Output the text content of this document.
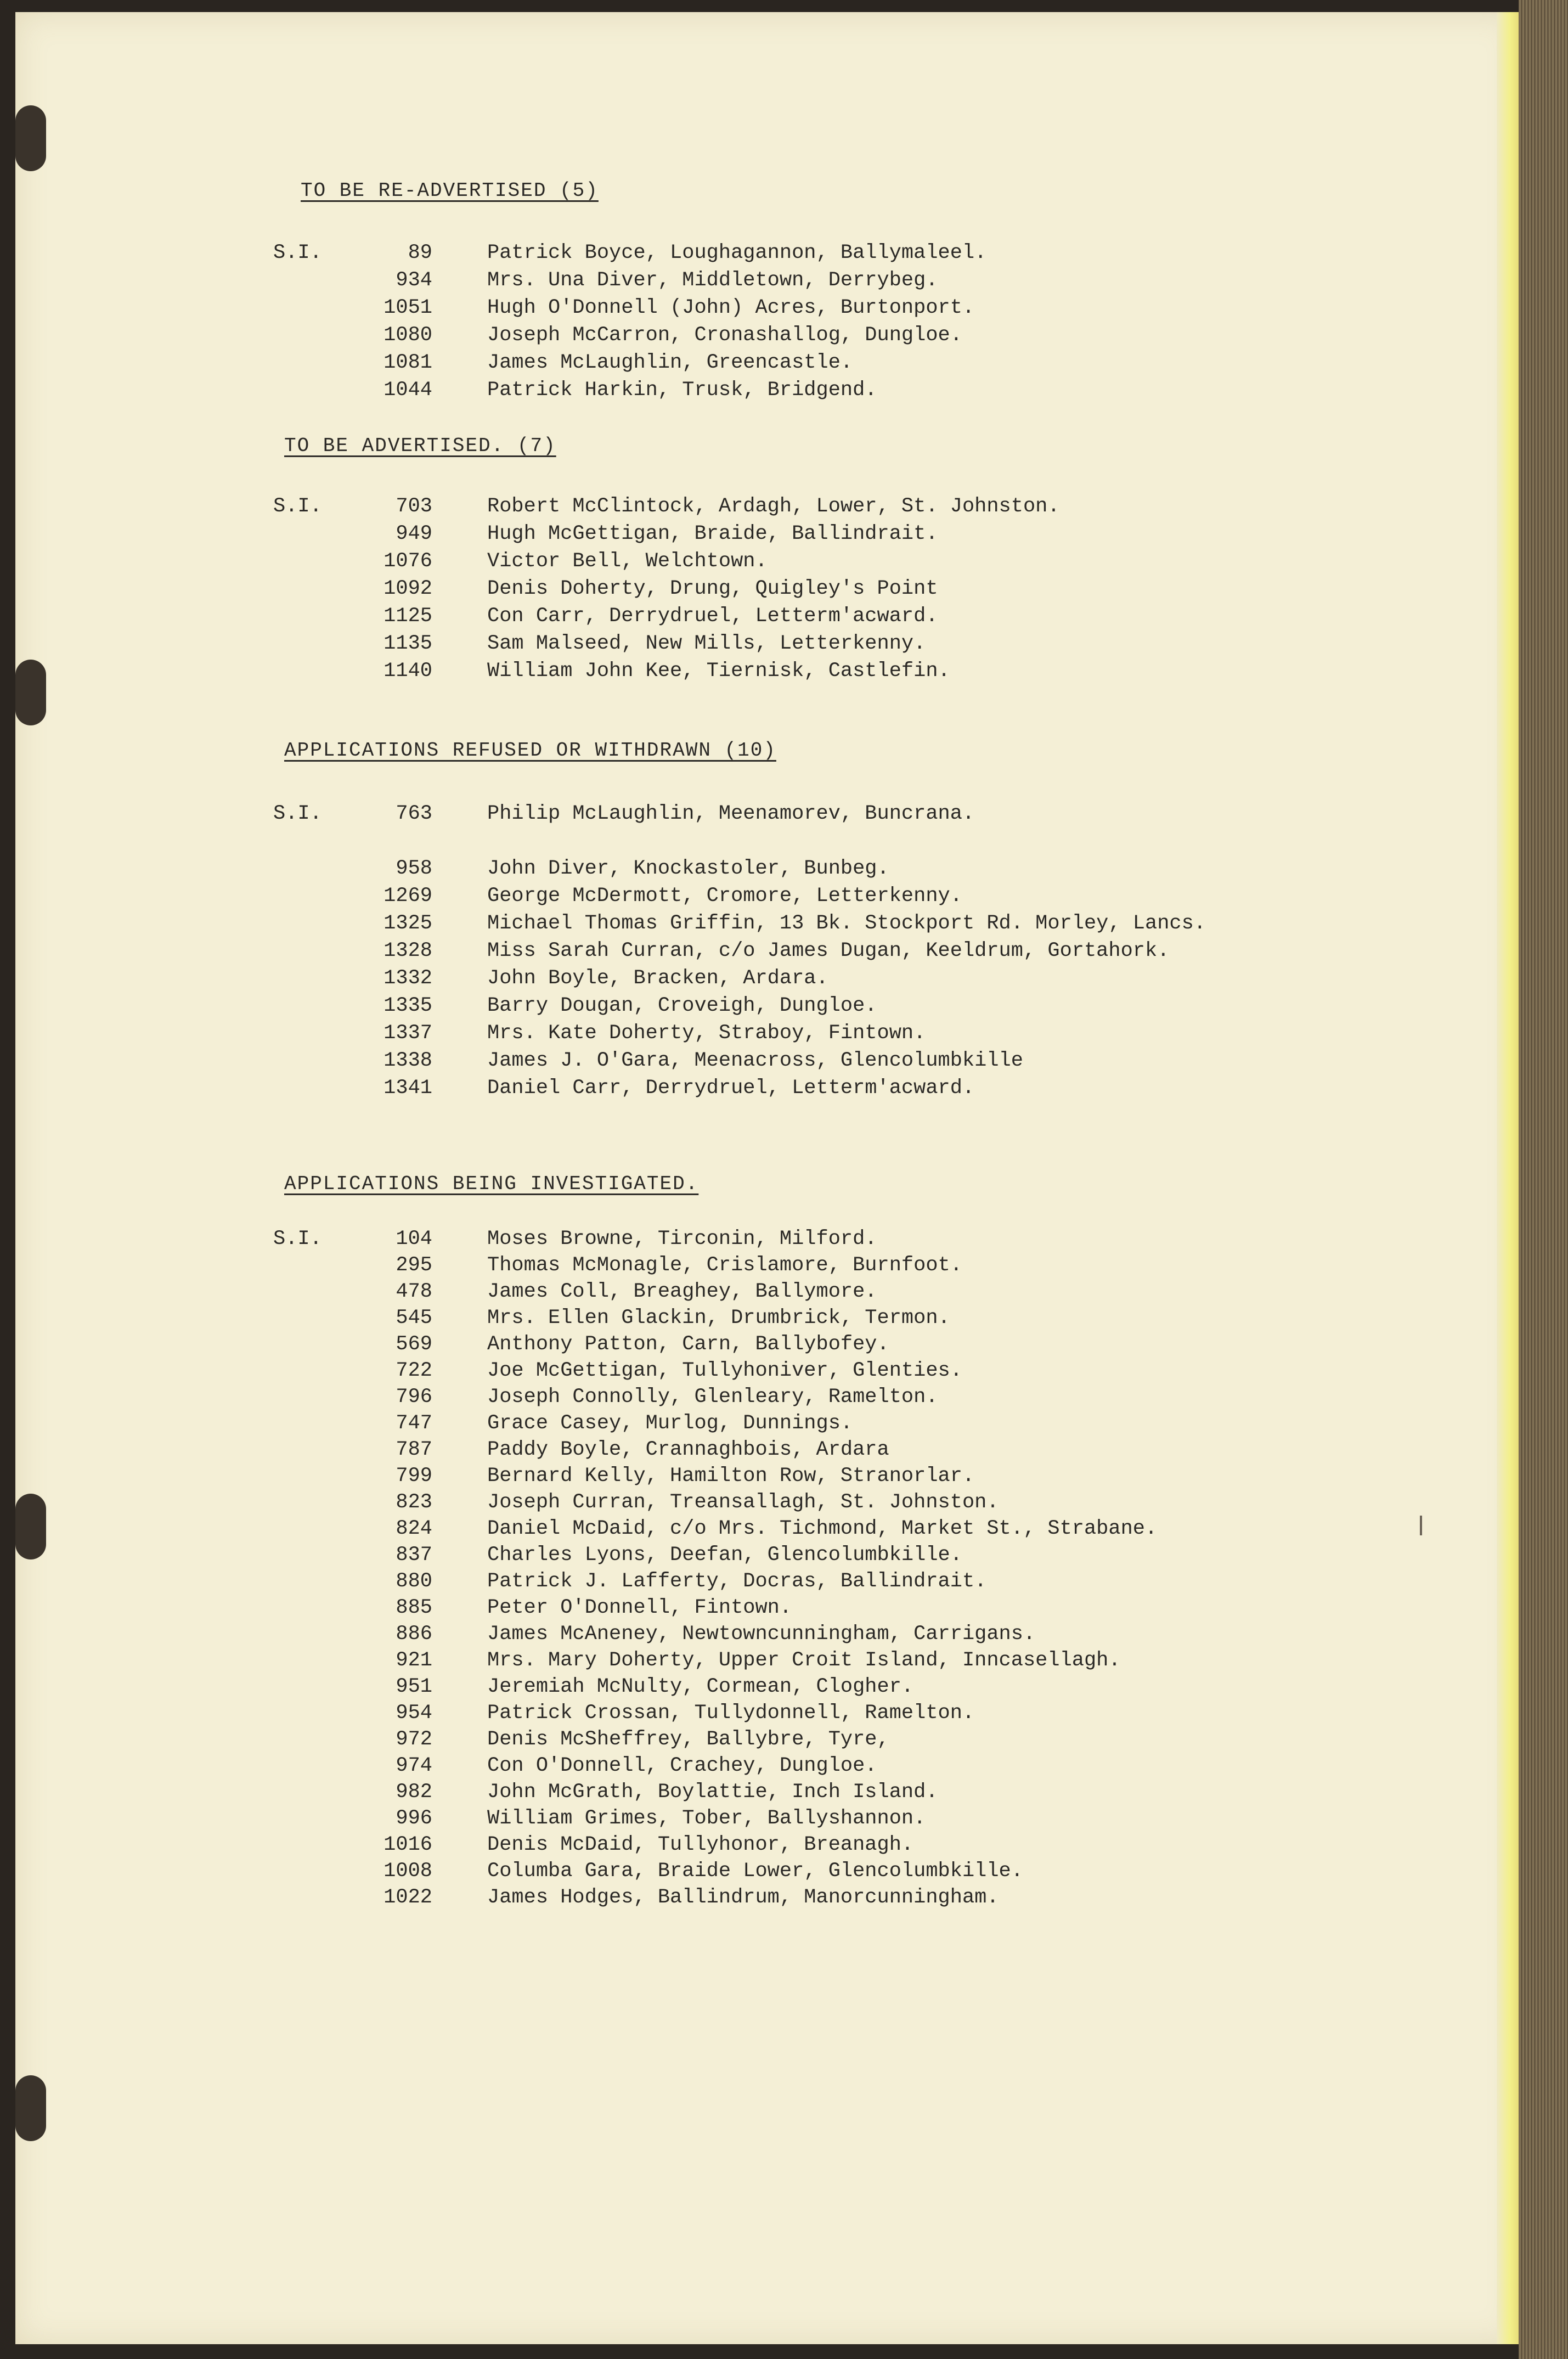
TO BE RE-ADVERTISED (5)
S.I.	89	Patrick Boyce, Loughagannon, Ballymaleel.
934	Mrs. Una Diver, Middletown, Derrybeg.
1051	Hugh O'Donnell (John) Acres, Burtonport.
1080	Joseph McCarron, Cronashallog, Dungloe.
1081	James McLaughlin, Greencastle.
1044	Patrick Harkin, Trusk, Bridgend.
TO BE ADVERTISED. (7)
S.I.	703	Robert McClintock, Ardagh, Lower, St. Johnston.
949	Hugh McGettigan, Braide, Ballindrait.
1076	Victor Bell, Welchtown.
1092	Denis Doherty, Drung, Quigley's Point
1125	Con Carr, Derrydruel, Letterm'acward.
1135	Sam Malseed, New Mills, Letterkenny.
1140	William John Kee, Tiernisk, Castlefin.
APPLICATIONS REFUSED OR WITHDRAWN (10)
S.I.	763	Philip McLaughlin, Meenamorev, Buncrana.
958	John Diver, Knockastoler, Bunbeg.
1269	George McDermott, Cromore, Letterkenny.
1325	Michael Thomas Griffin, 13 Bk. Stockport Rd. Morley, Lancs.
1328	Miss Sarah Curran, c/o James Dugan, Keeldrum, Gortahork.
1332	John Boyle, Bracken, Ardara.
1335	Barry Dougan, Croveigh, Dungloe.
1337	Mrs. Kate Doherty, Straboy, Fintown.
1338	James J. O'Gara, Meenacross, Glencolumbkille
1341	Daniel Carr, Derrydruel, Letterm'acward.
APPLICATIONS BEING INVESTIGATED.
S.I.	104	Moses Browne, Tirconin, Milford.
295	Thomas McMonagle, Crislamore, Burnfoot.
478	James Coll, Breaghey, Ballymore.
545	Mrs. Ellen Glackin, Drumbrick, Termon.
569	Anthony Patton, Carn, Ballybofey.
722	Joe McGettigan, Tullyhoniver, Glenties.
796	Joseph Connolly, Glenleary, Ramelton.
747	Grace Casey, Murlog, Dunnings.
787	Paddy Boyle, Crannaghbois, Ardara
799	Bernard Kelly, Hamilton Row, Stranorlar.
823	Joseph Curran, Treansallagh, St. Johnston.
824	Daniel McDaid, c/o Mrs. Tichmond, Market St., Strabane.
837	Charles Lyons, Deefan, Glencolumbkille.
880	Patrick J. Lafferty, Docras, Ballindrait.
885	Peter O'Donnell, Fintown.
886	James McAneney, Newtowncunningham, Carrigans.
921	Mrs. Mary Doherty, Upper Croit Island, Inncasellagh.
951	Jeremiah McNulty, Cormean, Clogher.
954	Patrick Crossan, Tullydonnell, Ramelton.
972	Denis McSheffrey, Ballybre, Tyre,
974	Con O'Donnell, Crachey, Dungloe.
982	John McGrath, Boylattie, Inch Island.
996	William Grimes, Tober, Ballyshannon.
1016	Denis McDaid, Tullyhonor, Breanagh.
1008	Columba Gara, Braide Lower, Glencolumbkille.
1022	James Hodges, Ballindrum, Manorcunningham.
